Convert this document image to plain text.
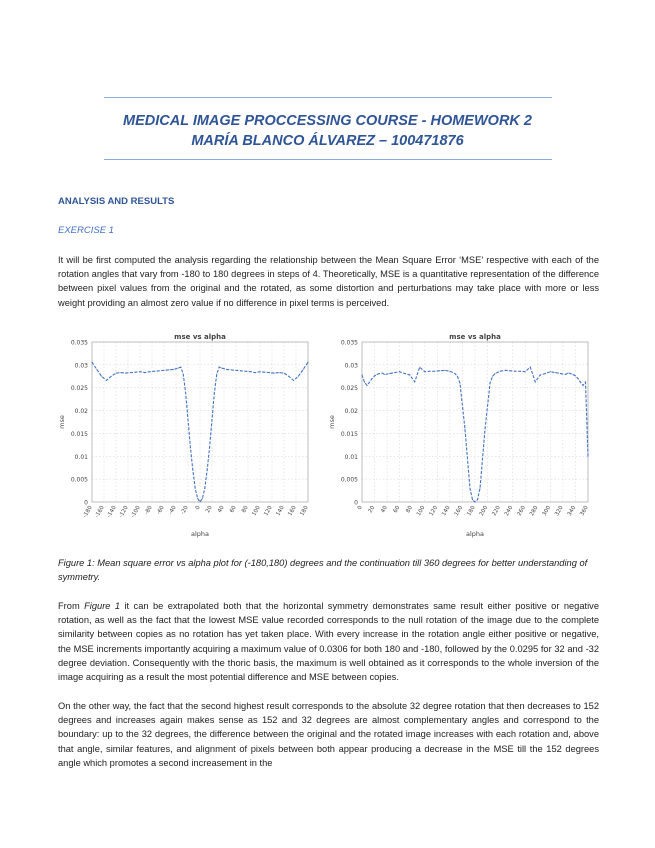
MEDICAL IMAGE PROCCESSING COURSE - HOMEWORK 2
MARÍA BLANCO ÁLVAREZ – 100471876
ANALYSIS AND RESULTS
EXERCISE 1

It will be first computed the analysis regarding the relationship between the Mean Square Error ‘MSE’ respective with each of the rotation angles that vary from -180 to 180 degrees in steps of 4. Theoretically, MSE is a quantitative representation of the difference between pixel values from the original and the rotated, as some distortion and perturbations may take place with more or less weight providing an almost zero value if no difference in pixel terms is perceived.

0
0.005
0.01
0.015
0.02
0.025
0.03
0.035
-180 -160 -140 -120 -100 -80 -60 -40 -20 0 20 40 60 80 100 120 140 160 180
mse vs alpha
alpha
mse
0
0.005
0.01
0.015
0.02
0.025
0.03
0.035
0 20 40 60 80 100 120 140 160 180 200 220 240 260 280 300 320 340 360
mse vs alpha
alpha
mse

Figure 1: Mean square error vs alpha plot for (-180,180) degrees and the continuation till 360 degrees for better understanding of symmetry.

From Figure 1 it can be extrapolated both that the horizontal symmetry demonstrates same result either positive or negative rotation, as well as the fact that the lowest MSE value recorded corresponds to the null rotation of the image due to the complete similarity between copies as no rotation has yet taken place. With every increase in the rotation angle either positive or negative, the MSE increments importantly acquiring a maximum value of 0.0306 for both 180 and -180, followed by the 0.0295 for 32 and -32 degree deviation. Consequently with the thoric basis, the maximum is well obtained as it corresponds to the whole inversion of the image acquiring as a result the most potential difference and MSE between copies.

On the other way, the fact that the second highest result corresponds to the absolute 32 degree rotation that then decreases to 152 degrees and increases again makes sense as 152 and 32 degrees are almost complementary angles and correspond to the boundary: up to the 32 degrees, the difference between the original and the rotated image increases with each rotation and, above that angle, similar features, and alignment of pixels between both appear producing a decrease in the MSE till the 152 degrees angle which promotes a second increasement in the
